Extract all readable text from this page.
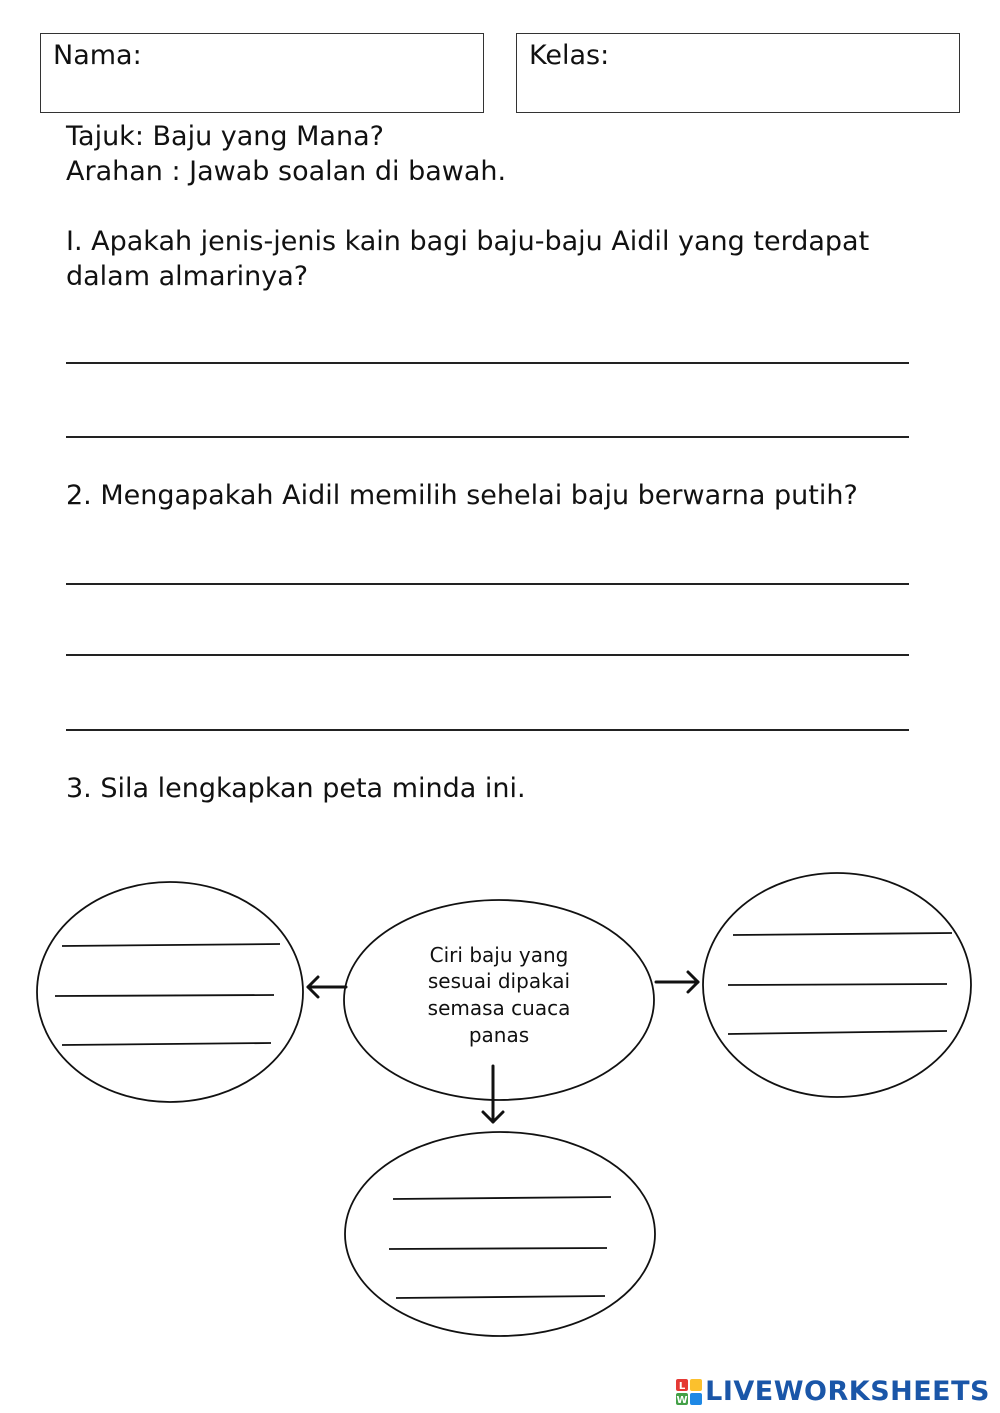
Nama:	Kelas:
Tajuk: Baju yang Mana?
Arahan : Jawab soalan di bawah.
I. Apakah jenis-jenis kain bagi baju-baju Aidil yang terdapat
dalam almarinya?
2. Mengapakah Aidil memilih sehelai baju berwarna putih?
3. Sila lengkapkan peta minda ini.
Ciri baju yang
sesuai dipakai
semasa cuaca
panas
L
W LIVEWORKSHEETS
